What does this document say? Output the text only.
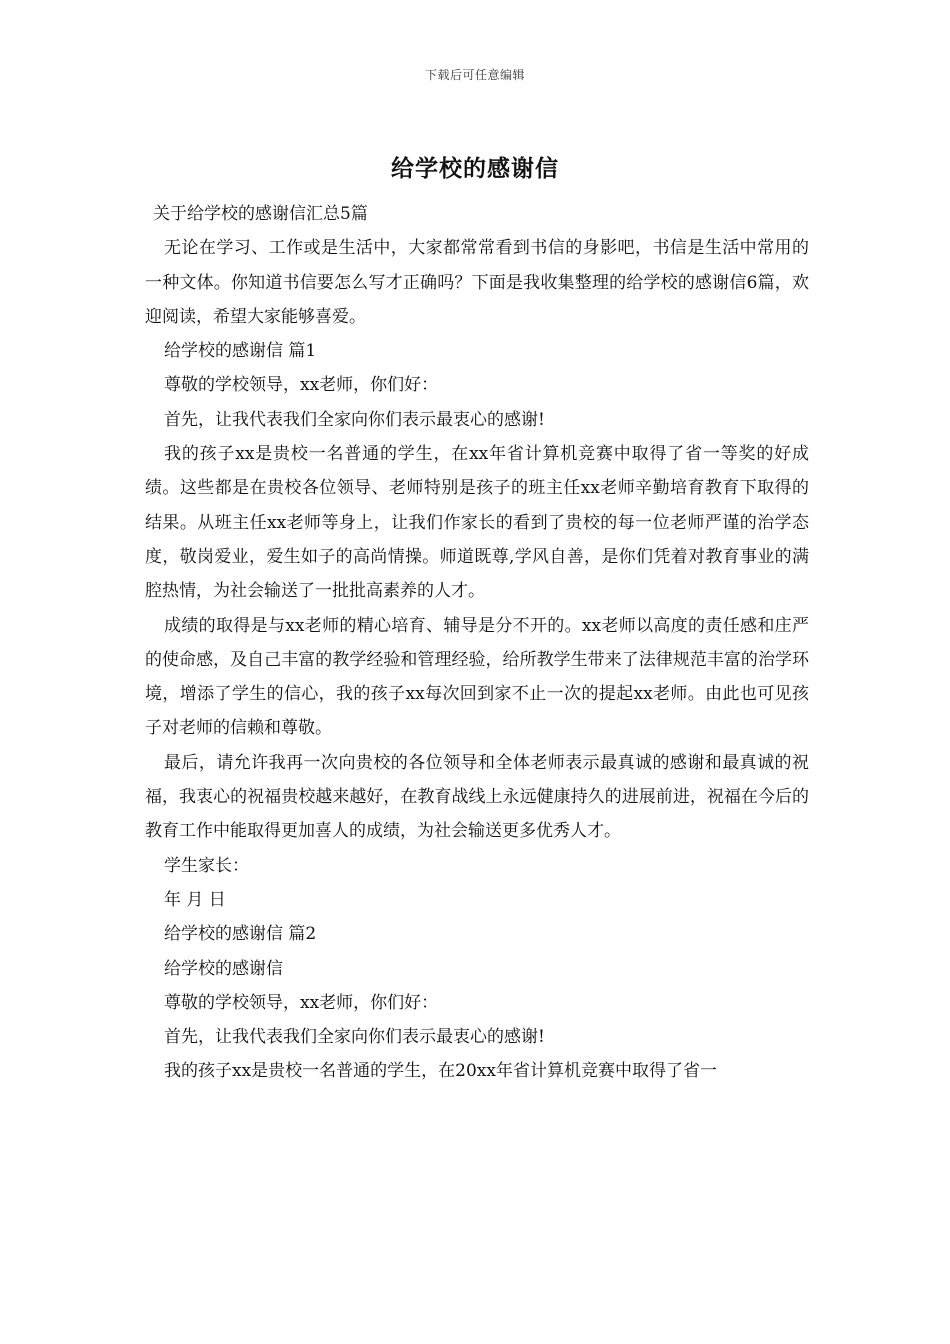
下载后可任意编辑
给学校的感谢信

关于给学校的感谢信汇总5篇

无论在学习、工作或是生活中，大家都常常看到书信的身影吧，书信是生活中常用的一种文体。你知道书信要怎么写才正确吗？下面是我收集整理的给学校的感谢信6篇，欢迎阅读，希望大家能够喜爱。

给学校的感谢信 篇1

尊敬的学校领导，xx老师，你们好：

首先，让我代表我们全家向你们表示最衷心的感谢!

我的孩子xx是贵校一名普通的学生，在xx年省计算机竞赛中取得了省一等奖的好成绩。这些都是在贵校各位领导、老师特别是孩子的班主任xx老师辛勤培育教育下取得的结果。从班主任xx老师等身上，让我们作家长的看到了贵校的每一位老师严谨的治学态度，敬岗爱业，爱生如子的高尚情操。师道既尊,学风自善，是你们凭着对教育事业的满腔热情，为社会输送了一批批高素养的人才。

成绩的取得是与xx老师的精心培育、辅导是分不开的。xx老师以高度的责任感和庄严的使命感，及自己丰富的教学经验和管理经验，给所教学生带来了法律规范丰富的治学环境，增添了学生的信心，我的孩子xx每次回到家不止一次的提起xx老师。由此也可见孩子对老师的信赖和尊敬。

最后，请允许我再一次向贵校的各位领导和全体老师表示最真诚的感谢和最真诚的祝福，我衷心的祝福贵校越来越好，在教育战线上永远健康持久的进展前进，祝福在今后的教育工作中能取得更加喜人的成绩，为社会输送更多优秀人才。

学生家长：

年 月 日

给学校的感谢信 篇2

给学校的感谢信

尊敬的学校领导，xx老师，你们好：

首先，让我代表我们全家向你们表示最衷心的感谢!

我的孩子xx是贵校一名普通的学生，在20xx年省计算机竞赛中取得了省一
